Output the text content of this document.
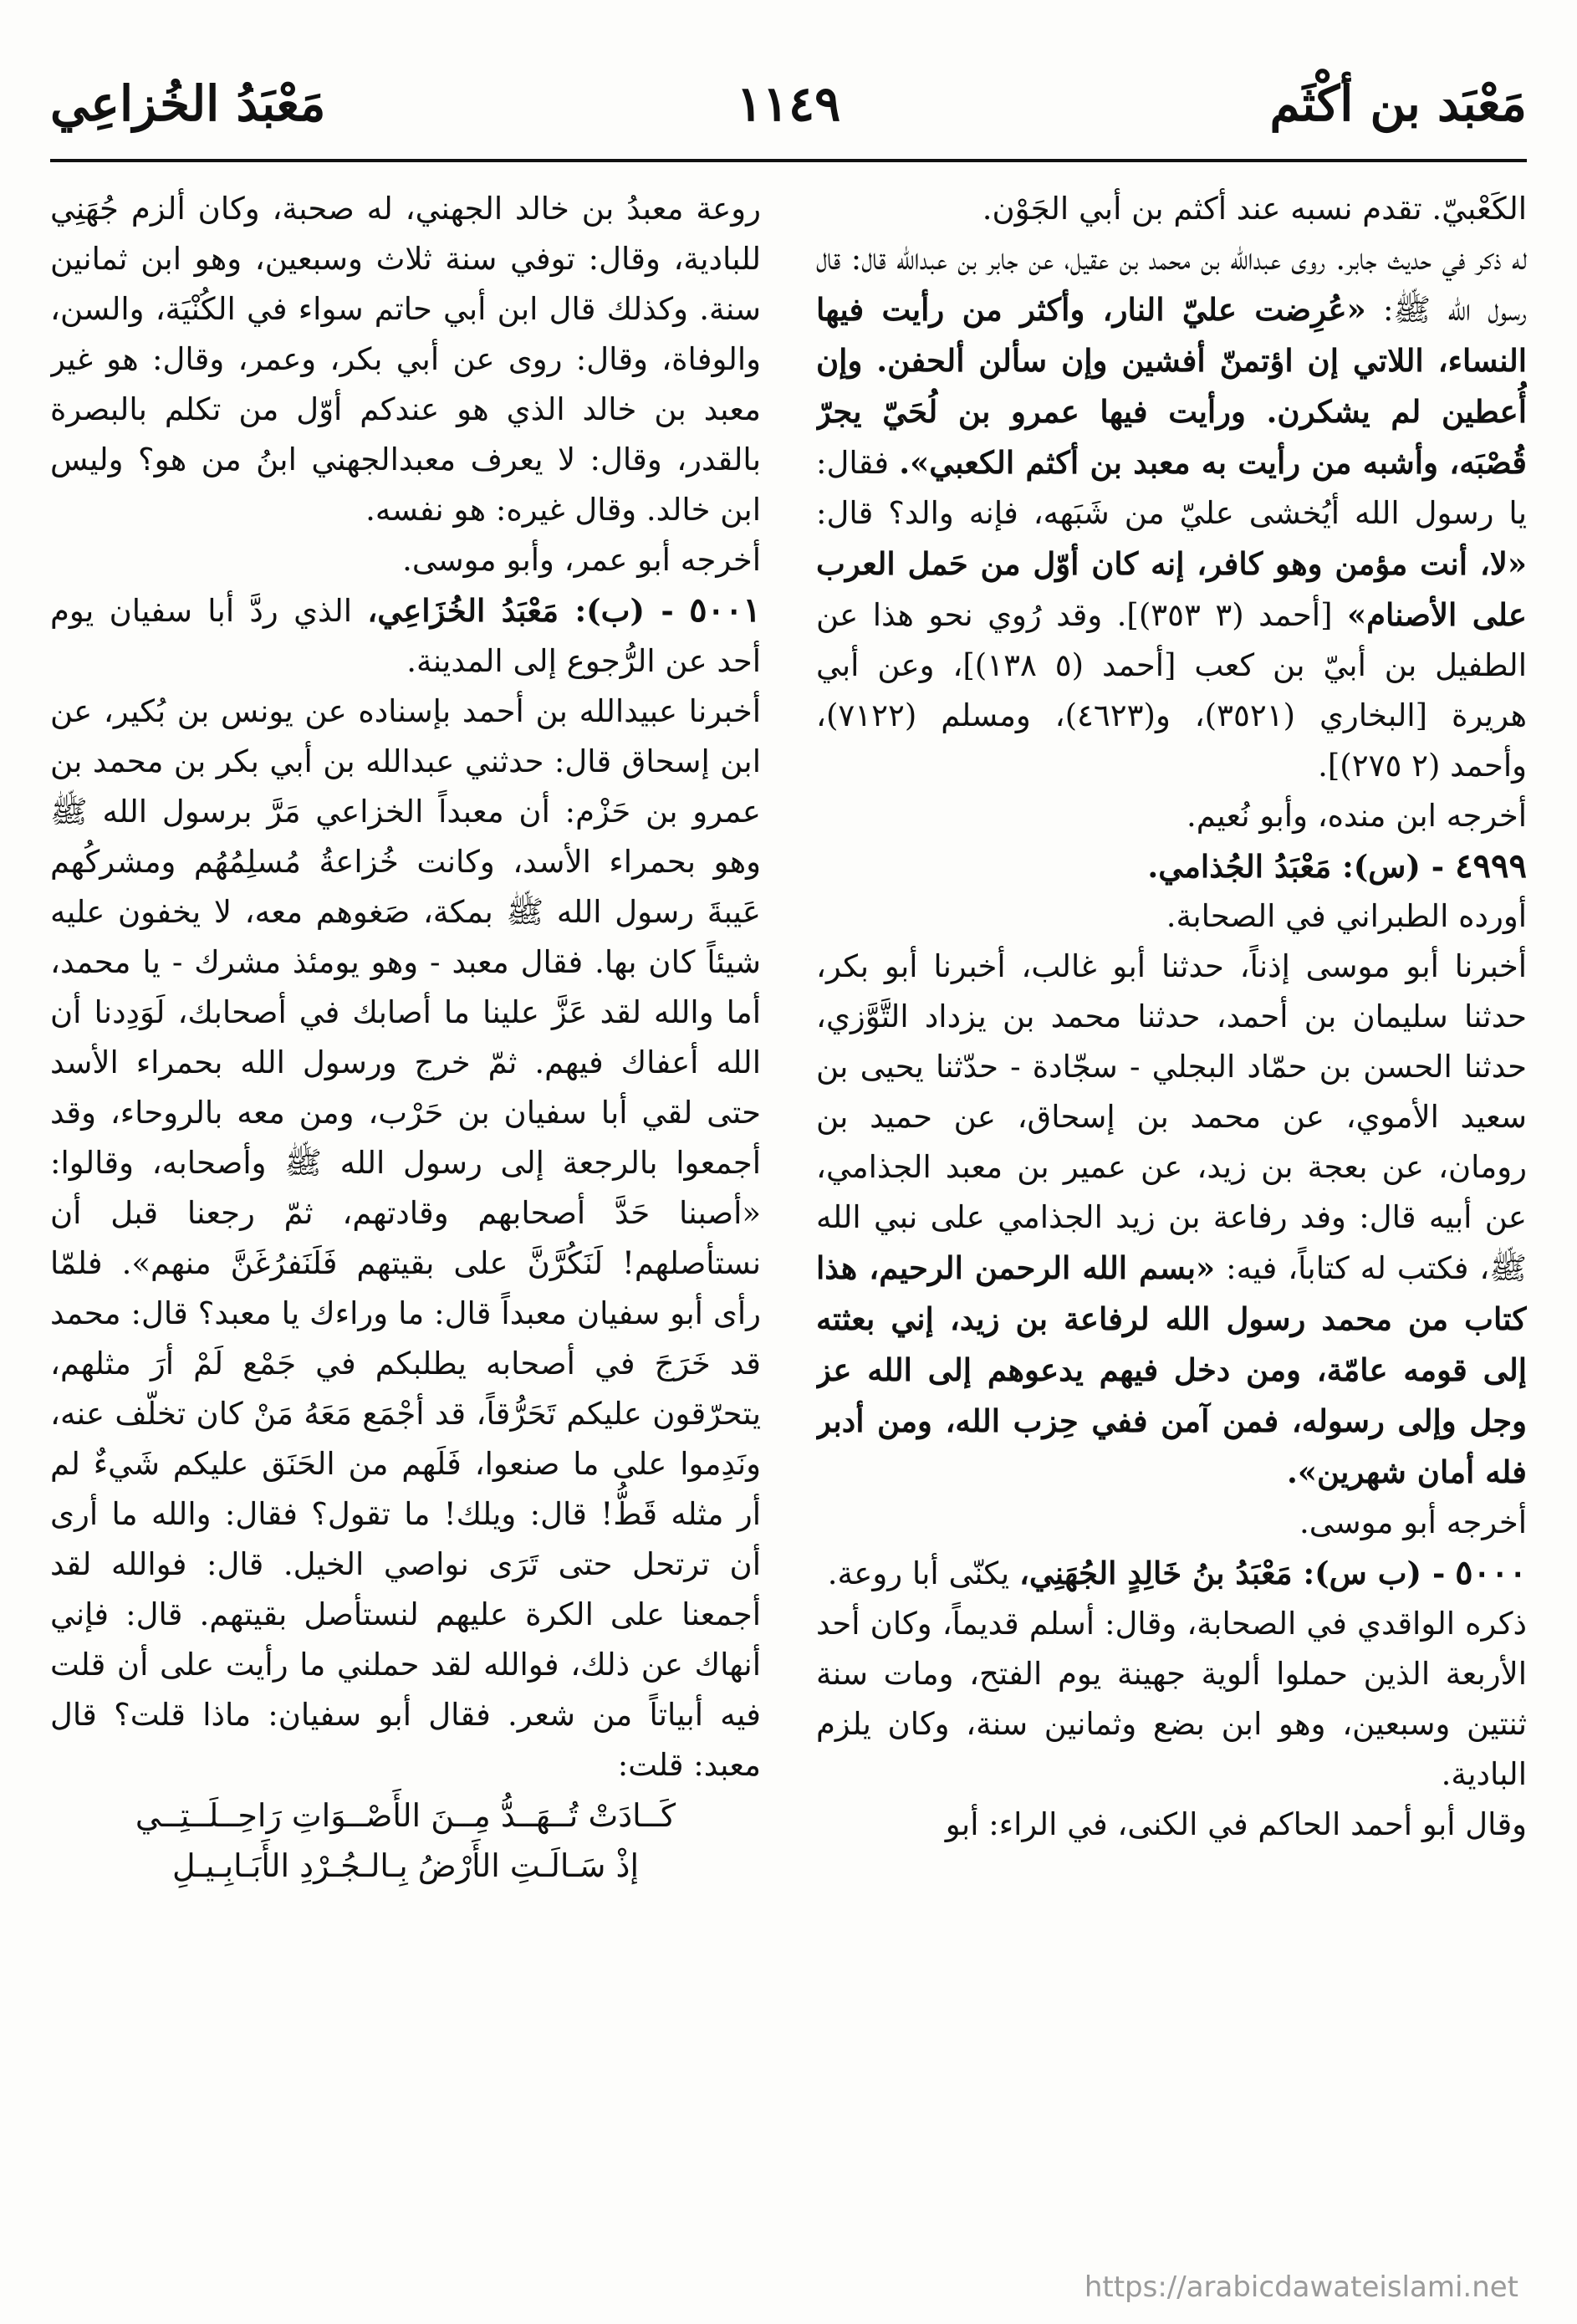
مَعْبَد بن أكْثَم
١١٤٩
مَعْبَدُ الخُزاعِي

الكَعْبيّ. تقدم نسبه عند أكثم بن أبي الجَوْن.

له ذكر في حديث جابر. روى عبدالله بن محمد بن عقيل، عن جابر بن عبدالله قال: قال رسول الله ﷺ: «عُرِضت عليّ النار، وأكثر من رأيت فيها النساء، اللاتي إن اؤتمنّ أفشين وإن سألن ألحفن. وإن أُعطين لم يشكرن. ورأيت فيها عمرو بن لُحَيّ يجرّ قُصْبَه، وأشبه من رأيت به معبد بن أكثم الكعبي». فقال: يا رسول الله أيُخشى عليّ من شَبَهه، فإنه والد؟ قال: «لا، أنت مؤمن وهو كافر، إنه كان أوّل من حَمل العرب على الأصنام» [أحمد (٣ ٣٥٣)]. وقد رُوي نحو هذا عن الطفيل بن أبيّ بن كعب [أحمد (٥ ١٣٨)]، وعن أبي هريرة [البخاري (٣٥٢١)، و(٤٦٢٣)، ومسلم (٧١٢٢)، وأحمد (٢ ٢٧٥)].

أخرجه ابن منده، وأبو نُعيم.

٤٩٩٩ - (س): مَعْبَدُ الجُذامي.

أورده الطبراني في الصحابة.

أخبرنا أبو موسى إذناً، حدثنا أبو غالب، أخبرنا أبو بكر، حدثنا سليمان بن أحمد، حدثنا محمد بن يزداد التَّوَّزي، حدثنا الحسن بن حمّاد البجلي - سجّادة - حدّثنا يحيى بن سعيد الأموي، عن محمد بن إسحاق، عن حميد بن رومان، عن بعجة بن زيد، عن عمير بن معبد الجذامي، عن أبيه قال: وفد رفاعة بن زيد الجذامي على نبي الله ﷺ، فكتب له كتاباً، فيه: «بسم الله الرحمن الرحيم، هذا كتاب من محمد رسول الله لرفاعة بن زيد، إني بعثته إلى قومه عامّة، ومن دخل فيهم يدعوهم إلى الله عز وجل وإلى رسوله، فمن آمن ففي حِزب الله، ومن أدبر فله أمان شهرين».

أخرجه أبو موسى.

٥٠٠٠ - (ب س): مَعْبَدُ بنُ خَالِدٍ الجُهَنِي، يكنّى أبا روعة.

ذكره الواقدي في الصحابة، وقال: أسلم قديماً، وكان أحد الأربعة الذين حملوا ألوية جهينة يوم الفتح، ومات سنة ثنتين وسبعين، وهو ابن بضع وثمانين سنة، وكان يلزم البادية.

وقال أبو أحمد الحاكم في الكنى، في الراء: أبو

روعة معبدُ بن خالد الجهني، له صحبة، وكان ألزم جُهَنِي للبادية، وقال: توفي سنة ثلاث وسبعين، وهو ابن ثمانين سنة. وكذلك قال ابن أبي حاتم سواء في الكُنْيَة، والسن، والوفاة، وقال: روى عن أبي بكر، وعمر، وقال: هو غير معبد بن خالد الذي هو عندكم أوّل من تكلم بالبصرة بالقدر، وقال: لا يعرف معبدالجهني ابنُ من هو؟ وليس ابن خالد. وقال غيره: هو نفسه.

أخرجه أبو عمر، وأبو موسى.

٥٠٠١ - (ب): مَعْبَدُ الخُزَاعِي، الذي ردَّ أبا سفيان يوم أحد عن الرُّجوع إلى المدينة.

أخبرنا عبيدالله بن أحمد بإسناده عن يونس بن بُكير، عن ابن إسحاق قال: حدثني عبدالله بن أبي بكر بن محمد بن عمرو بن حَزْم: أن معبداً الخزاعي مَرَّ برسول الله ﷺ وهو بحمراء الأسد، وكانت خُزاعةُ مُسلِمُهُم ومشركُهم عَيبةَ رسول الله ﷺ بمكة، صَغوهم معه، لا يخفون عليه شيئاً كان بها. فقال معبد - وهو يومئذ مشرك - يا محمد، أما والله لقد عَزَّ علينا ما أصابك في أصحابك، لَوَدِدنا أن الله أعفاك فيهم. ثمّ خرج ورسول الله بحمراء الأسد حتى لقي أبا سفيان بن حَرْب، ومن معه بالروحاء، وقد أجمعوا بالرجعة إلى رسول الله ﷺ وأصحابه، وقالوا: «أصبنا حَدَّ أصحابهم وقادتهم، ثمّ رجعنا قبل أن نستأصلهم! لَنَكُرَّنَّ على بقيتهم فَلَنَفرُغَنَّ منهم». فلمّا رأى أبو سفيان معبداً قال: ما وراءك يا معبد؟ قال: محمد قد خَرَجَ في أصحابه يطلبكم في جَمْع لَمْ أرَ مثلهم، يتحرّقون عليكم تَحَرُّقاً، قد أجْمَع مَعَهُ مَنْ كان تخلّف عنه، ونَدِموا على ما صنعوا، فَلَهم من الحَنَق عليكم شَيءٌ لم أر مثله قَطُّ! قال: ويلك! ما تقول؟ فقال: والله ما أرى أن ترتحل حتى تَرَى نواصي الخيل. قال: فوالله لقد أجمعنا على الكرة عليهم لنستأصل بقيتهم. قال: فإني أنهاك عن ذلك، فوالله لقد حملني ما رأيت على أن قلت فيه أبياتاً من شعر. فقال أبو سفيان: ماذا قلت؟ قال معبد: قلت:

كَــادَتْ تُــهَــدُّ مِــنَ الأَصْــوَاتِ رَاحِــلَــتِــي

إذْ سَـالَـتِ الأَرْضُ بِـالـجُـرْدِ الأَبَـابِـيـلِ

https://arabicdawateislami.net
